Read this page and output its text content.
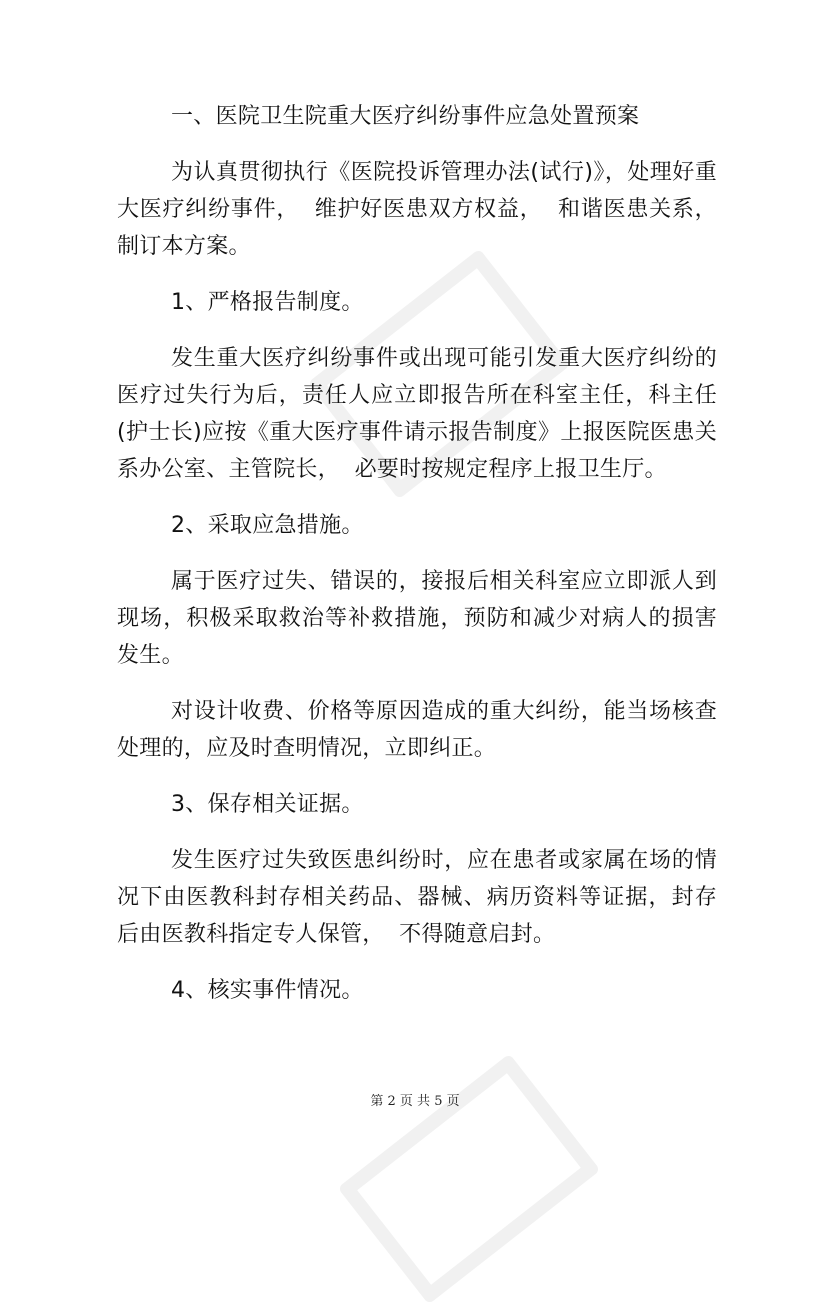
一、医院卫生院重大医疗纠纷事件应急处置预案

为认真贯彻执行《医院投诉管理办法(试行)》，处理好重大医疗纠纷事件，  维护好医患双方权益，  和谐医患关系，制订本方案。

1、严格报告制度。

发生重大医疗纠纷事件或出现可能引发重大医疗纠纷的医疗过失行为后，责任人应立即报告所在科室主任，科主任(护士长)应按《重大医疗事件请示报告制度》上报医院医患关系办公室、主管院长，  必要时按规定程序上报卫生厅。

2、采取应急措施。

属于医疗过失、错误的，接报后相关科室应立即派人到现场，积极采取救治等补救措施，预防和减少对病人的损害发生。

对设计收费、价格等原因造成的重大纠纷，能当场核查处理的，应及时查明情况，立即纠正。

3、保存相关证据。

发生医疗过失致医患纠纷时，应在患者或家属在场的情况下由医教科封存相关药品、器械、病历资料等证据，封存后由医教科指定专人保管，  不得随意启封。

4、核实事件情况。

第 2 页 共 5 页
